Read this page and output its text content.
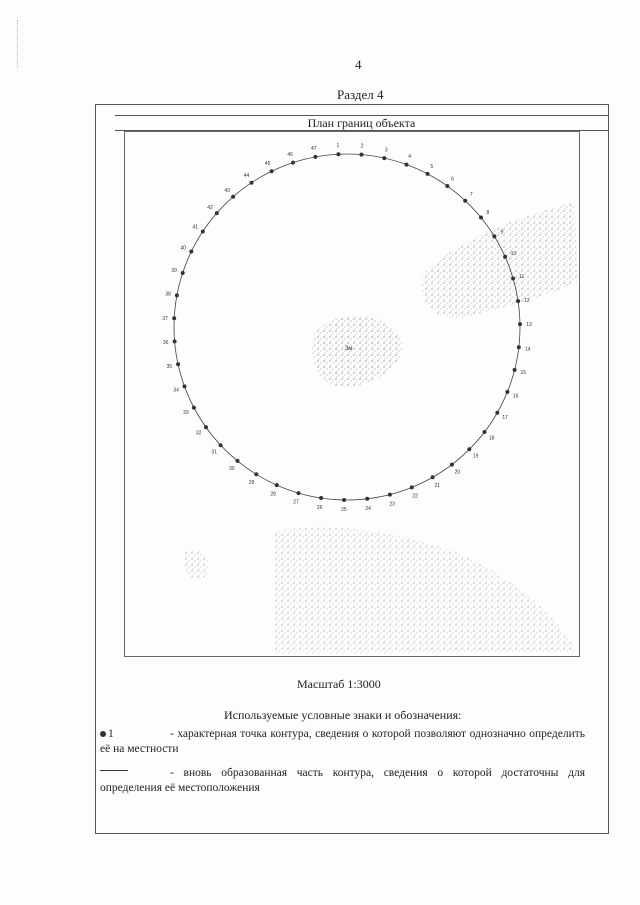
4
Раздел 4
План границ объекта
1	2
3
4
5
6
7
8
9
10
11
12
13
14
15
16
17
18
19
20
21
22
23
24
25
26
27
28
29
30
31
32
33
34
35
36
37
38
39
40
41
42
43
44
45
46
47
3м
Масштаб 1:3000
Используемые условные знаки и обозначения:
1	- характерная точка контура, сведения о которой позволяют однозначно определить её на местности
- вновь образованная часть контура, сведения о которой достаточны для определения её местоположения
